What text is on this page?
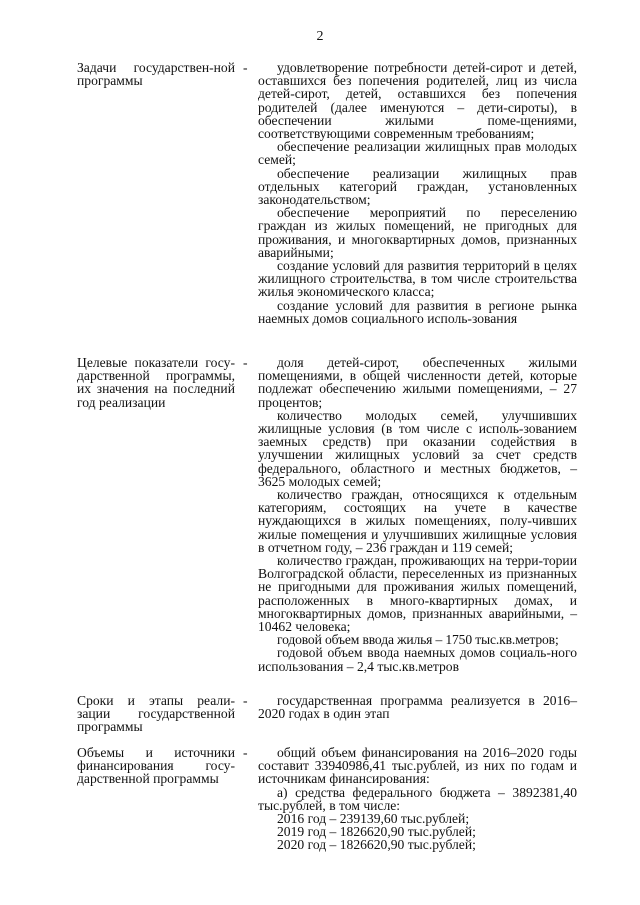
2
Задачи государствен-ной программы
-	удовлетворение потребности детей-сирот и детей, оставшихся без попечения родителей, лиц из числа детей-сирот, детей, оставшихся без попечения родителей (далее именуются – дети-сироты), в обеспечении жилыми поме-щениями, соответствующими современным требованиям;

обеспечение реализации жилищных прав молодых семей;

обеспечение реализации жилищных прав отдельных категорий граждан, установленных законодательством;

обеспечение мероприятий по переселению граждан из жилых помещений, не пригодных для проживания, и многоквартирных домов, признанных аварийными;

создание условий для развития территорий в целях жилищного строительства, в том числе строительства жилья экономического класса;

создание условий для развития в регионе рынка наемных домов социального исполь-зования

Целевые показатели госу-дарственной программы, их значения на последний год реализации
-	доля детей-сирот, обеспеченных жилыми помещениями, в общей численности детей, которые подлежат обеспечению жилыми помещениями, – 27 процентов;

количество молодых семей, улучшивших жилищные условия (в том числе с исполь-зованием заемных средств) при оказании содействия в улучшении жилищных условий за счет средств федерального, областного и местных бюджетов, – 3625 молодых семей;

количество граждан, относящихся к отдельным категориям, состоящих на учете в качестве нуждающихся в жилых помещениях, полу-чивших жилые помещения и улучшивших жилищные условия в отчетном году, – 236 граждан и 119 семей;

количество граждан, проживающих на терри-тории Волгоградской области, переселенных из признанных не пригодными для проживания жилых помещений, расположенных в много-квартирных домах, и многоквартирных домов, признанных аварийными, – 10462 человека;

годовой объем ввода жилья – 1750 тыс.кв.метров;

годовой объем ввода наемных домов социаль-ного использования – 2,4 тыс.кв.метров

Сроки и этапы реали-зации государственной программы
-	государственная программа реализуется в 2016–2020 годах в один этап

Объемы и источники финансирования госу-дарственной программы
-	общий объем финансирования на 2016–2020 годы составит 33940986,41 тыс.рублей, из них по годам и источникам финансирования:

а) средства федерального бюджета – 3892381,40 тыс.рублей, в том числе:

2016 год – 239139,60 тыс.рублей;

2019 год – 1826620,90 тыс.рублей;

2020 год – 1826620,90 тыс.рублей;
